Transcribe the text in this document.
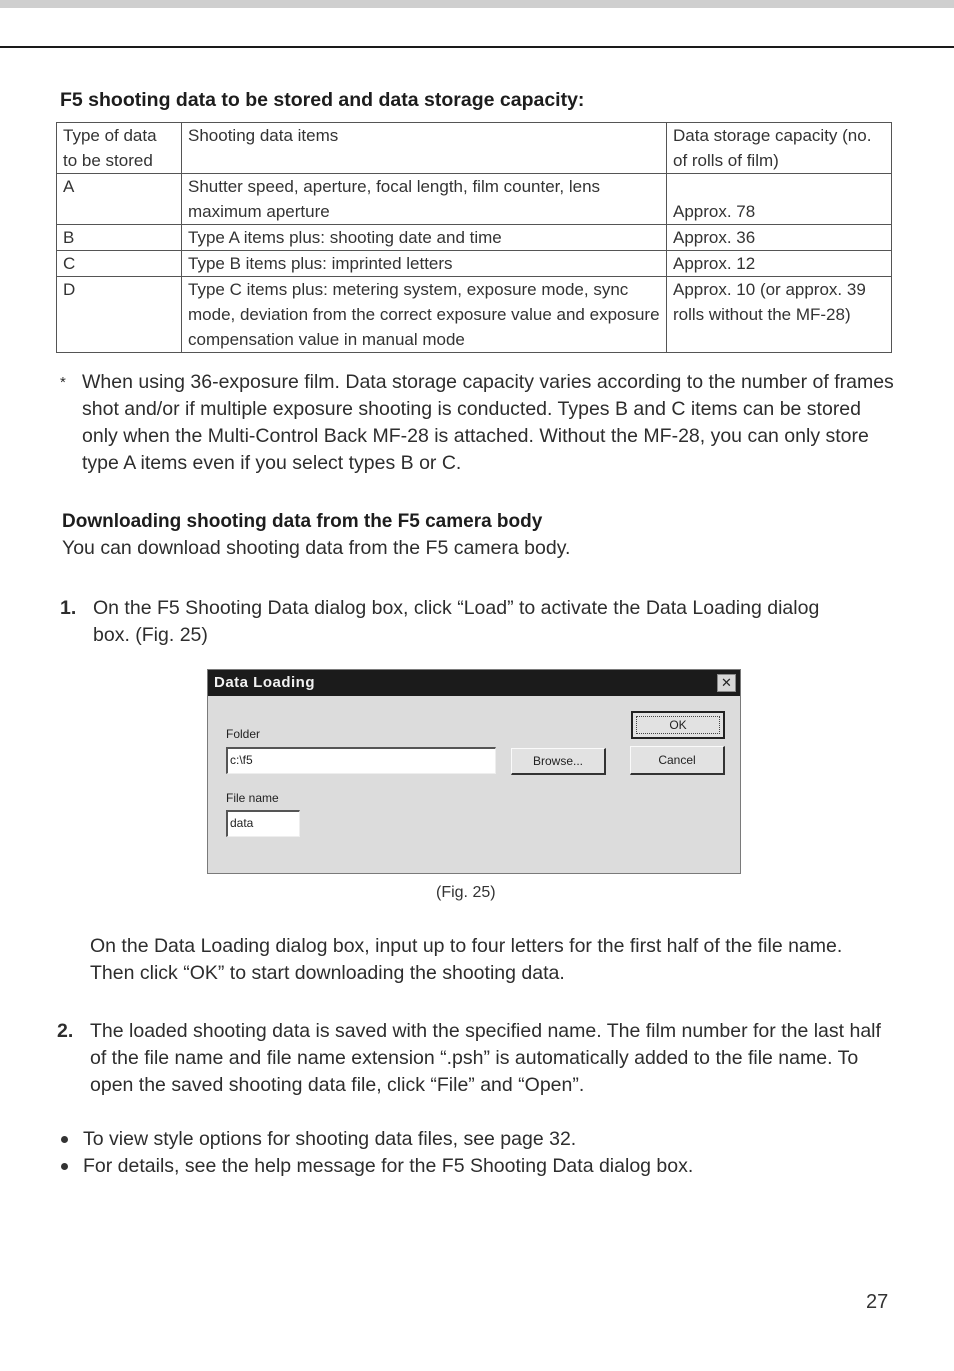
F5 shooting data to be stored and data storage capacity:
Type of data to be stored	Shooting data items	Data storage capacity (no. of rolls of film)
A	Shutter speed, aperture, focal length, film counter, lens maximum aperture	Approx. 78
B	Type A items plus: shooting date and time	Approx. 36
C	Type B items plus: imprinted letters	Approx. 12
D	Type C items plus: metering system, exposure mode, sync mode, deviation from the correct exposure value and exposure compensation value in manual mode	Approx. 10 (or approx. 39 rolls without the MF-28)
* When using 36-exposure film. Data storage capacity varies according to the number of frames shot and/or if multiple exposure shooting is conducted. Types B and C items can be stored only when the Multi-Control Back MF-28 is attached. Without the MF-28, you can only store type A items even if you select types B or C.
Downloading shooting data from the F5 camera body
You can download shooting data from the F5 camera body.
1. On the F5 Shooting Data dialog box, click “Load” to activate the Data Loading dialog box. (Fig. 25)
Data Loading	✕
Folder
c:\f5	Browse...
OK
Cancel
File name
data
(Fig. 25)
On the Data Loading dialog box, input up to four letters for the first half of the file name. Then click “OK” to start downloading the shooting data.
2. The loaded shooting data is saved with the specified name. The film number for the last half of the file name and file name extension “.psh” is automatically added to the file name. To open the saved shooting data file, click “File” and “Open”.
To view style options for shooting data files, see page 32.
For details, see the help message for the F5 Shooting Data dialog box.
27
